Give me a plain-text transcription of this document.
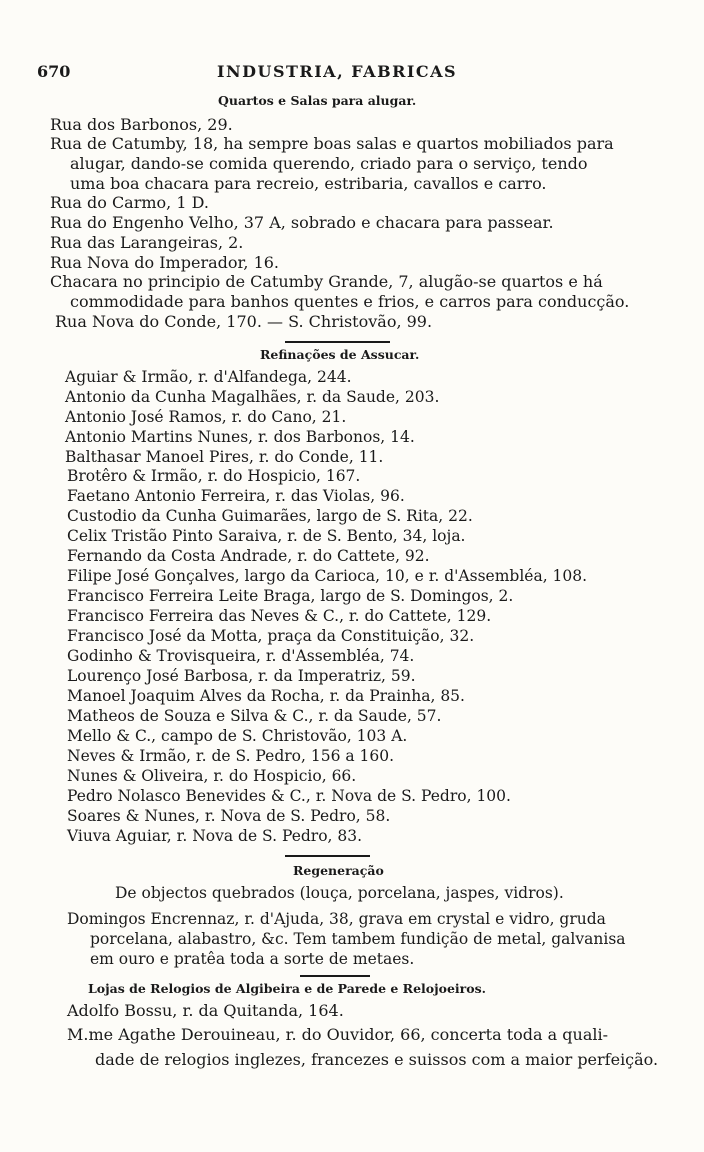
670	INDUSTRIA, FABRICAS
Quartos e Salas para alugar.
Rua dos Barbonos, 29.
Rua de Catumby, 18, ha sempre boas salas e quartos mobiliados para
alugar, dando-se comida querendo, criado para o serviço, tendo
uma boa chacara para recreio, estribaria, cavallos e carro.
Rua do Carmo, 1 D.
Rua do Engenho Velho, 37 A, sobrado e chacara para passear.
Rua das Larangeiras, 2.
Rua Nova do Imperador, 16.
Chacara no principio de Catumby Grande, 7, alugão-se quartos e há
commodidade para banhos quentes e frios, e carros para conducção.
Rua Nova do Conde, 170. — S. Christovão, 99.
Refinações de Assucar.
Aguiar & Irmão, r. d'Alfandega, 244.
Antonio da Cunha Magalhães, r. da Saude, 203.
Antonio José Ramos, r. do Cano, 21.
Antonio Martins Nunes, r. dos Barbonos, 14.
Balthasar Manoel Pires, r. do Conde, 11.
Brotêro & Irmão, r. do Hospicio, 167.
Faetano Antonio Ferreira, r. das Violas, 96.
Custodio da Cunha Guimarães, largo de S. Rita, 22.
Celix Tristão Pinto Saraiva, r. de S. Bento, 34, loja.
Fernando da Costa Andrade, r. do Cattete, 92.
Filipe José Gonçalves, largo da Carioca, 10, e r. d'Assembléa, 108.
Francisco Ferreira Leite Braga, largo de S. Domingos, 2.
Francisco Ferreira das Neves & C., r. do Cattete, 129.
Francisco José da Motta, praça da Constituição, 32.
Godinho & Trovisqueira, r. d'Assembléa, 74.
Lourenço José Barbosa, r. da Imperatriz, 59.
Manoel Joaquim Alves da Rocha, r. da Prainha, 85.
Matheos de Souza e Silva & C., r. da Saude, 57.
Mello & C., campo de S. Christovão, 103 A.
Neves & Irmão, r. de S. Pedro, 156 a 160.
Nunes & Oliveira, r. do Hospicio, 66.
Pedro Nolasco Benevides & C., r. Nova de S. Pedro, 100.
Soares & Nunes, r. Nova de S. Pedro, 58.
Viuva Aguiar, r. Nova de S. Pedro, 83.
Regeneração
De objectos quebrados (louça, porcelana, jaspes, vidros).
Domingos Encrennaz, r. d'Ajuda, 38, grava em crystal e vidro, gruda
porcelana, alabastro, &c. Tem tambem fundição de metal, galvanisa
em ouro e pratêa toda a sorte de metaes.
Lojas de Relogios de Algibeira e de Parede e Relojoeiros.
Adolfo Bossu, r. da Quitanda, 164.
M.me Agathe Derouineau, r. do Ouvidor, 66, concerta toda a quali-
dade de relogios inglezes, francezes e suissos com a maior perfeição.
